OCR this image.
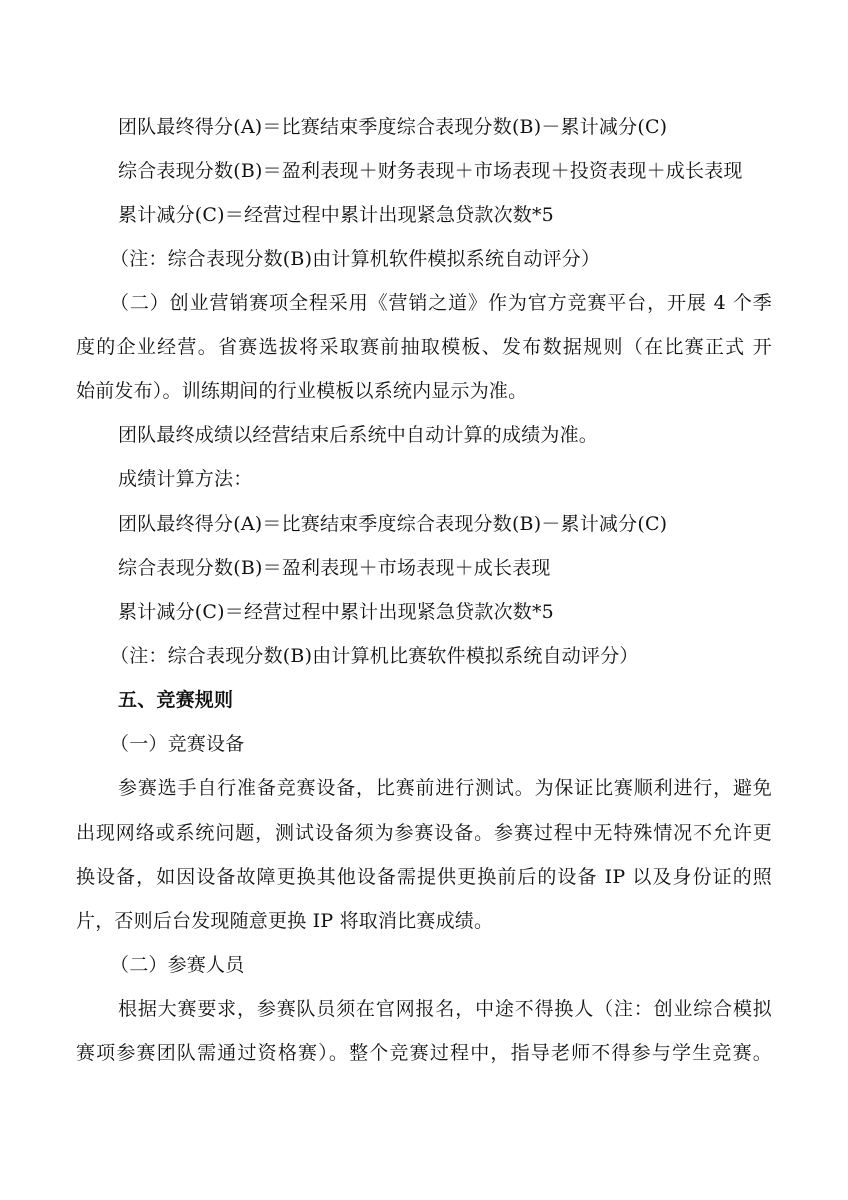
团队最终得分(A)＝比赛结束季度综合表现分数(B)－累计减分(C)
综合表现分数(B)＝盈利表现＋财务表现＋市场表现＋投资表现＋成长表现
累计减分(C)＝经营过程中累计出现紧急贷款次数*5
（注：综合表现分数(B)由计算机软件模拟系统自动评分）
（二）创业营销赛项全程采用《营销之道》作为官方竞赛平台，开展 4 个季
度的企业经营。省赛选拔将采取赛前抽取模板、发布数据规则（在比赛正式 开
始前发布）。训练期间的行业模板以系统内显示为准。
团队最终成绩以经营结束后系统中自动计算的成绩为准。
成绩计算方法：
团队最终得分(A)＝比赛结束季度综合表现分数(B)－累计减分(C)
综合表现分数(B)＝盈利表现＋市场表现＋成长表现
累计减分(C)＝经营过程中累计出现紧急贷款次数*5
（注：综合表现分数(B)由计算机比赛软件模拟系统自动评分）
五、竞赛规则
（一）竞赛设备
参赛选手自行准备竞赛设备，比赛前进行测试。为保证比赛顺利进行，避免
出现网络或系统问题，测试设备须为参赛设备。参赛过程中无特殊情况不允许更
换设备，如因设备故障更换其他设备需提供更换前后的设备 IP 以及身份证的照
片，否则后台发现随意更换 IP 将取消比赛成绩。
（二）参赛人员
根据大赛要求，参赛队员须在官网报名，中途不得换人（注：创业综合模拟
赛项参赛团队需通过资格赛）。整个竞赛过程中，指导老师不得参与学生竞赛。
